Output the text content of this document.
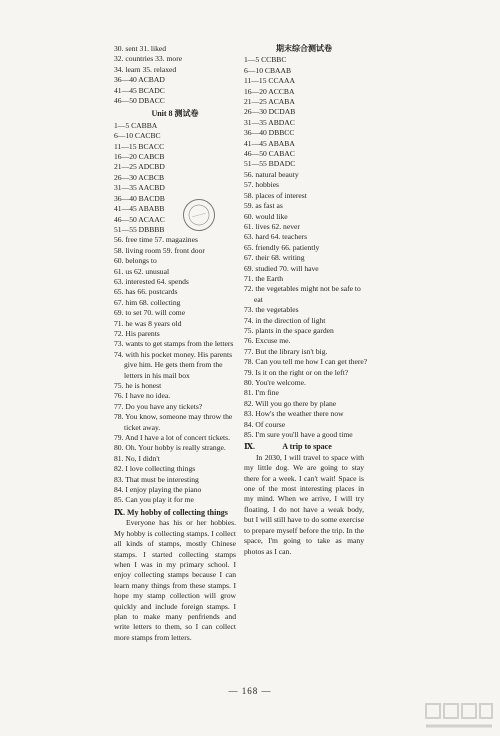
30. sent 31. liked
32. countries 33. more
34. learn 35. relaxed
36—40 ACBAD
41—45 BCADC
46—50 DBACC
Unit 8 测试卷
1—5 CABBA
6—10 CACBC
11—15 BCACC
16—20 CABCB
21—25 ADCBD
26—30 ACBCB
31—35 AACBD
36—40 BACDB
41—45 ABABB
46—50 ACAAC
51—55 DBBBB
56. free time 57. magazines
58. living room 59. front door
60. belongs to
61. us 62. unusual
63. interested 64. spends
65. has 66. postcards
67. him 68. collecting
69. to set 70. will come
71. he was 8 years old
72. His parents
73. wants to get stamps from the letters
74. with his pocket money. His parents
give him. He gets them from the
letters in his mail box
75. he is honest
76. I have no idea.
77. Do you have any tickets?
78. You know, someone may throw the
ticket away.
79. And I have a lot of concert tickets.
80. Oh. Your hobby is really strange.
81. No, I didn't
82. I love collecting things
83. That must be interesting
84. I enjoy playing the piano
85. Can you play it for me
Ⅸ. My hobby of collecting things
Everyone has his or her hobbies. My hobby is collecting stamps. I collect all kinds of stamps, mostly Chinese stamps. I started collecting stamps when I was in my primary school. I enjoy collecting stamps because I can learn many things from these stamps. I hope my stamp collection will grow quickly and include foreign stamps. I plan to make many penfriends and write letters to them, so I can collect more stamps from letters.
期末综合测试卷
1—5 CCBBC
6—10 CBAAB
11—15 CCAAA
16—20 ACCBA
21—25 ACABA
26—30 DCDAB
31—35 ABDAC
36—40 DBBCC
41—45 ABABA
46—50 CABAC
51—55 BDADC
56. natural beauty
57. hobbies
58. places of interest
59. as fast as
60. would like
61. lives 62. never
63. hard 64. teachers
65. friendly 66. patiently
67. their 68. writing
69. studied 70. will have
71. the Earth
72. the vegetables might not be safe to
eat
73. the vegetables
74. in the direction of light
75. plants in the space garden
76. Excuse me.
77. But the library isn't big.
78. Can you tell me how I can get there?
79. Is it on the right or on the left?
80. You're welcome.
81. I'm fine
82. Will you go there by plane
83. How's the weather there now
84. Of course
85. I'm sure you'll have a good time
Ⅸ.	A trip to space
In 2030, I will travel to space with my little dog. We are going to stay there for a week. I can't wait! Space is one of the most interesting places in my mind. When we arrive, I will try floating. I do not have a weak body, but I will still have to do some exercise to prepare myself before the trip. In the space, I'm going to take as many photos as I can.
— 168 —
